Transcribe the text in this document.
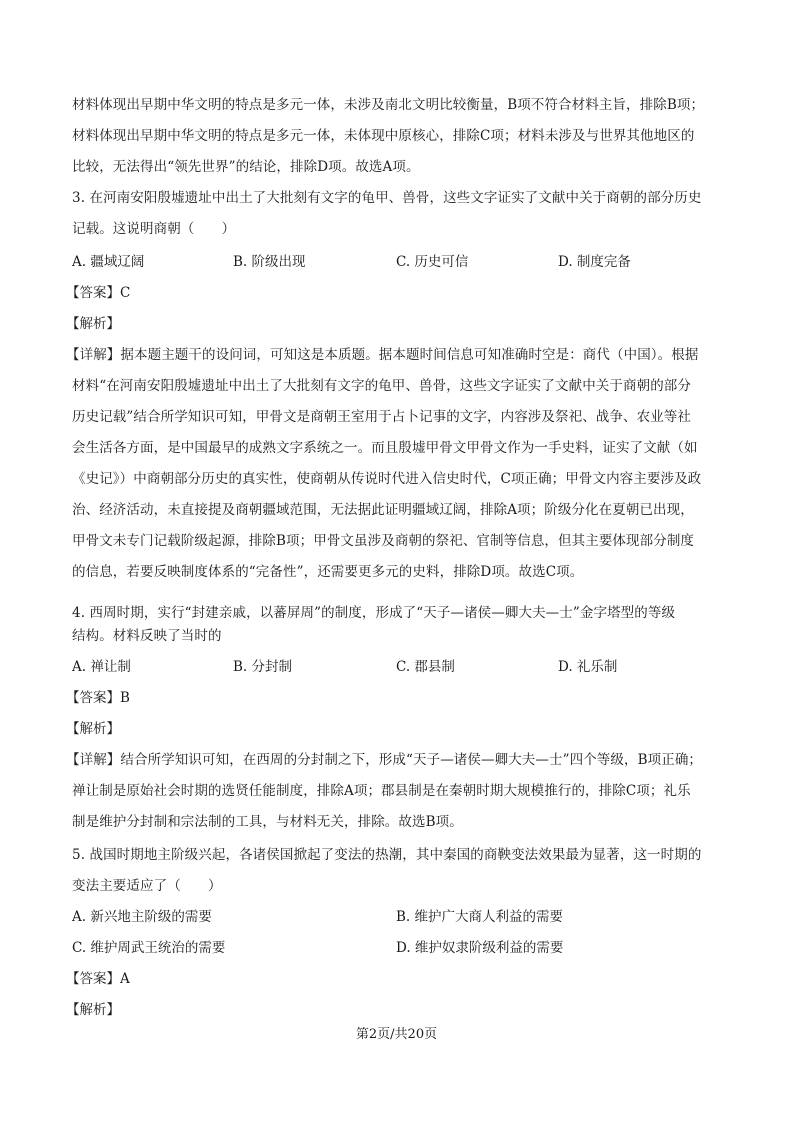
材料体现出早期中华文明的特点是多元一体，未涉及南北文明比较衡量，B项不符合材料主旨，排除B项；
材料体现出早期中华文明的特点是多元一体，未体现中原核心，排除C项；材料未涉及与世界其他地区的
比较，无法得出“领先世界”的结论，排除D项。故选A项。
3. 在河南安阳殷墟遗址中出土了大批刻有文字的龟甲、兽骨，这些文字证实了文献中关于商朝的部分历史
记载。这说明商朝（　　）
A. 疆域辽阔	B. 阶级出现	C. 历史可信	D. 制度完备
【答案】C
【解析】
【详解】据本题主题干的设问词，可知这是本质题。据本题时间信息可知准确时空是：商代（中国）。根据
材料“在河南安阳殷墟遗址中出土了大批刻有文字的龟甲、兽骨，这些文字证实了文献中关于商朝的部分
历史记载”结合所学知识可知，甲骨文是商朝王室用于占卜记事的文字，内容涉及祭祀、战争、农业等社
会生活各方面，是中国最早的成熟文字系统之一。而且殷墟甲骨文甲骨文作为一手史料，证实了文献（如
《史记》）中商朝部分历史的真实性，使商朝从传说时代进入信史时代，C项正确；甲骨文内容主要涉及政
治、经济活动，未直接提及商朝疆域范围，无法据此证明疆域辽阔，排除A项；阶级分化在夏朝已出现，
甲骨文未专门记载阶级起源，排除B项；甲骨文虽涉及商朝的祭祀、官制等信息，但其主要体现部分制度
的信息，若要反映制度体系的“完备性”，还需要更多元的史料，排除D项。故选C项。
4. 西周时期，实行“封建亲戚，以蕃屏周”的制度，形成了“天子—诸侯—卿大夫—士”金字塔型的等级
结构。材料反映了当时的
A. 禅让制	B. 分封制	C. 郡县制	D. 礼乐制
【答案】B
【解析】
【详解】结合所学知识可知，在西周的分封制之下，形成“天子—诸侯—卿大夫—士”四个等级，B项正确；
禅让制是原始社会时期的选贤任能制度，排除A项；郡县制是在秦朝时期大规模推行的，排除C项；礼乐
制是维护分封制和宗法制的工具，与材料无关，排除。故选B项。
5. 战国时期地主阶级兴起，各诸侯国掀起了变法的热潮，其中秦国的商鞅变法效果最为显著，这一时期的
变法主要适应了（　　）
A. 新兴地主阶级的需要	B. 维护广大商人利益的需要
C. 维护周武王统治的需要	D. 维护奴隶阶级利益的需要
【答案】A
【解析】
第2页/共20页
